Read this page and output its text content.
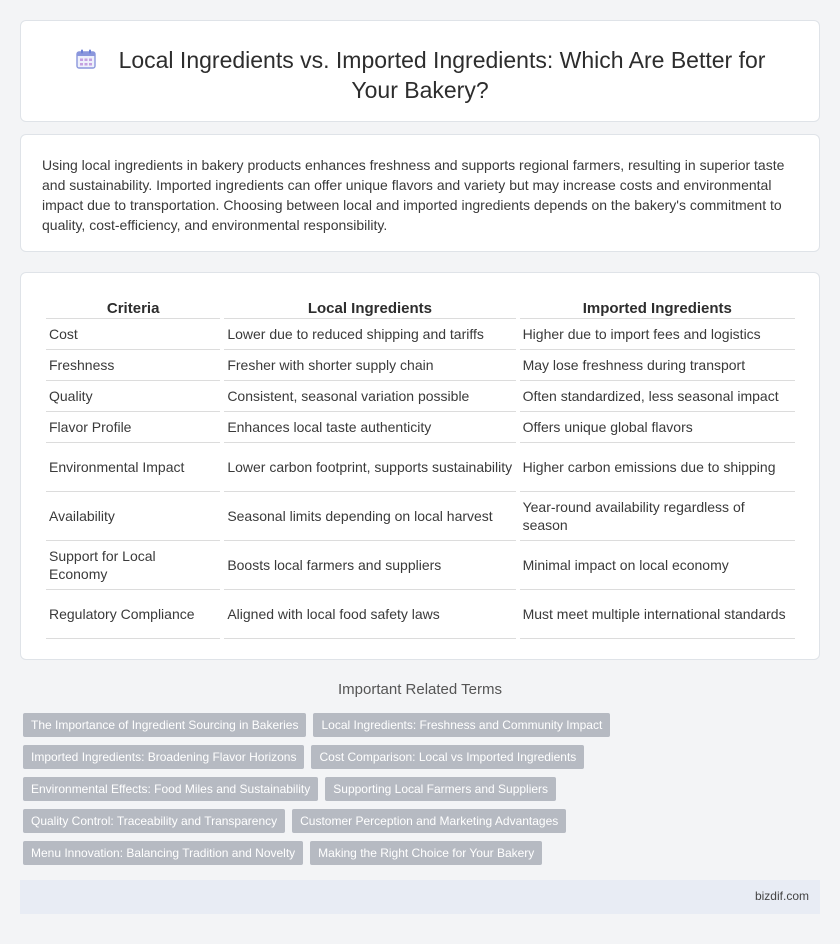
Local Ingredients vs. Imported Ingredients: Which Are Better for Your Bakery?

Using local ingredients in bakery products enhances freshness and supports regional farmers, resulting in superior taste and sustainability. Imported ingredients can offer unique flavors and variety but may increase costs and environmental impact due to transportation. Choosing between local and imported ingredients depends on the bakery's commitment to quality, cost-efficiency, and environmental responsibility.

Criteria	Local Ingredients	Imported Ingredients
Cost	Lower due to reduced shipping and tariffs	Higher due to import fees and logistics
Freshness	Fresher with shorter supply chain	May lose freshness during transport
Quality	Consistent, seasonal variation possible	Often standardized, less seasonal impact
Flavor Profile	Enhances local taste authenticity	Offers unique global flavors
Environmental Impact	Lower carbon footprint, supports sustainability	Higher carbon emissions due to shipping
Availability	Seasonal limits depending on local harvest	Year-round availability regardless of season
Support for Local Economy	Boosts local farmers and suppliers	Minimal impact on local economy
Regulatory Compliance	Aligned with local food safety laws	Must meet multiple international standards
Important Related Terms
The Importance of Ingredient Sourcing in Bakeries	Local Ingredients: Freshness and Community Impact
Imported Ingredients: Broadening Flavor Horizons	Cost Comparison: Local vs Imported Ingredients
Environmental Effects: Food Miles and Sustainability	Supporting Local Farmers and Suppliers
Quality Control: Traceability and Transparency	Customer Perception and Marketing Advantages
Menu Innovation: Balancing Tradition and Novelty	Making the Right Choice for Your Bakery
bizdif.com
